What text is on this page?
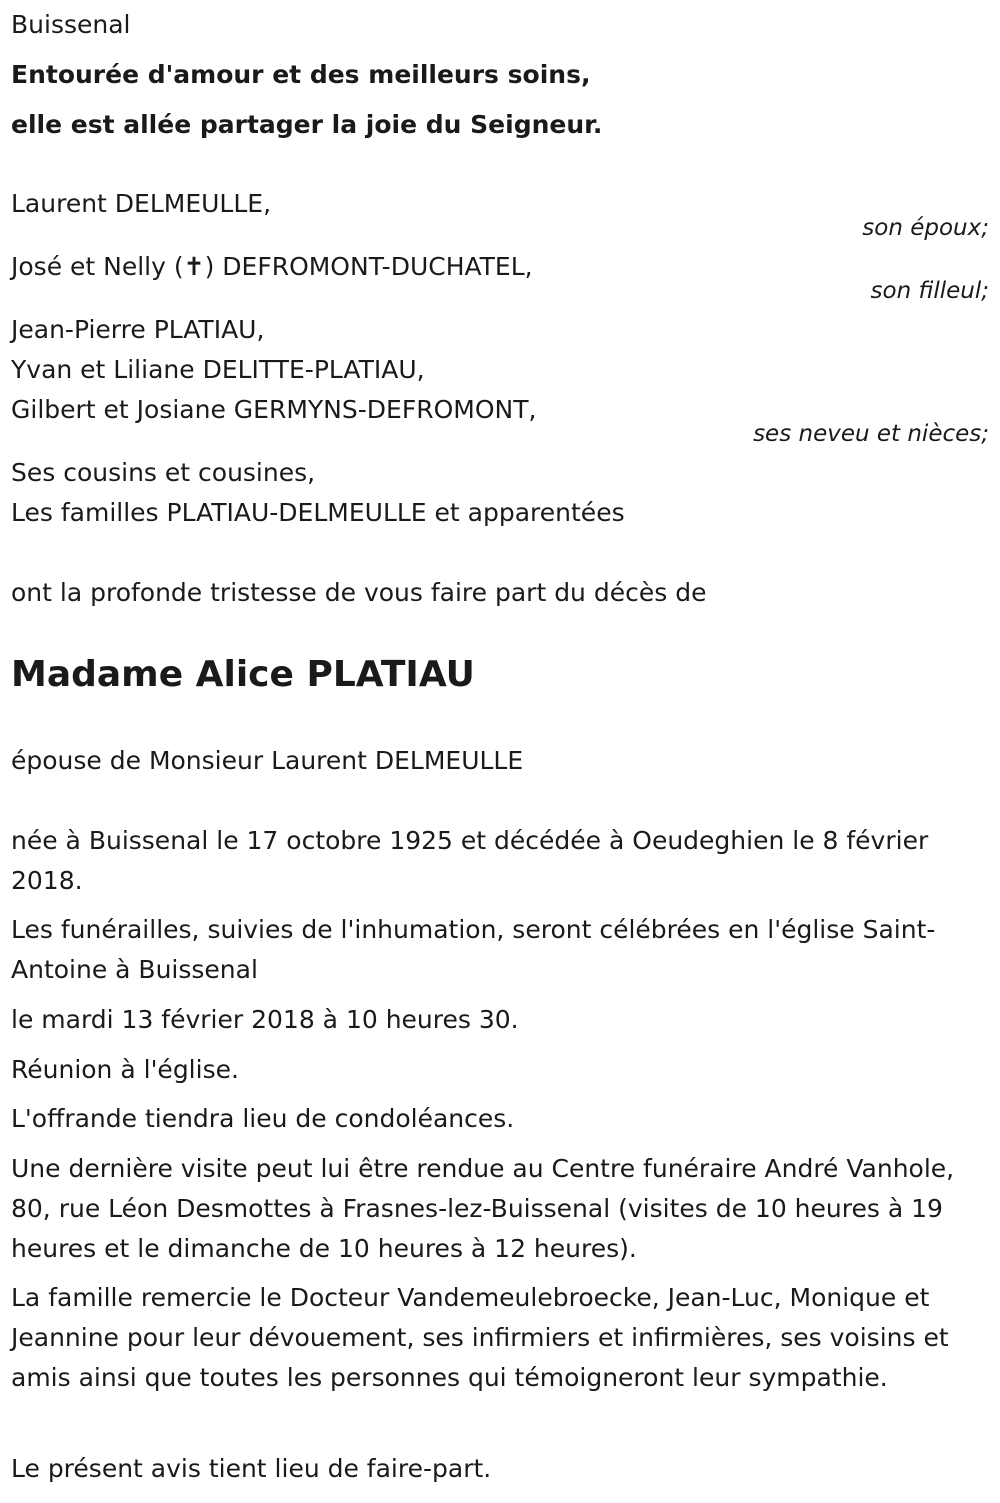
Buissenal
Entourée d'amour et des meilleurs soins,
elle est allée partager la joie du Seigneur.
Laurent DELMEULLE,
son époux;
José et Nelly (✝) DEFROMONT-DUCHATEL,
son filleul;
Jean-Pierre PLATIAU,
Yvan et Liliane DELITTE-PLATIAU,
Gilbert et Josiane GERMYNS-DEFROMONT,
ses neveu et nièces;
Ses cousins et cousines,
Les familles PLATIAU-DELMEULLE et apparentées
ont la profonde tristesse de vous faire part du décès de
Madame Alice PLATIAU
épouse de Monsieur Laurent DELMEULLE
née à Buissenal le 17 octobre 1925 et décédée à Oeudeghien le 8 février 2018.
Les funérailles, suivies de l'inhumation, seront célébrées en l'église Saint-Antoine à Buissenal
le mardi 13 février 2018 à 10 heures 30.
Réunion à l'église.
L'offrande tiendra lieu de condoléances.
Une dernière visite peut lui être rendue au Centre funéraire André Vanhole, 80, rue Léon Desmottes à Frasnes-lez-Buissenal (visites de 10 heures à 19 heures et le dimanche de 10 heures à 12 heures).
La famille remercie le Docteur Vandemeulebroecke, Jean-Luc, Monique et Jeannine pour leur dévouement, ses infirmiers et infirmières, ses voisins et amis ainsi que toutes les personnes qui témoigneront leur sympathie.
Le présent avis tient lieu de faire-part.
